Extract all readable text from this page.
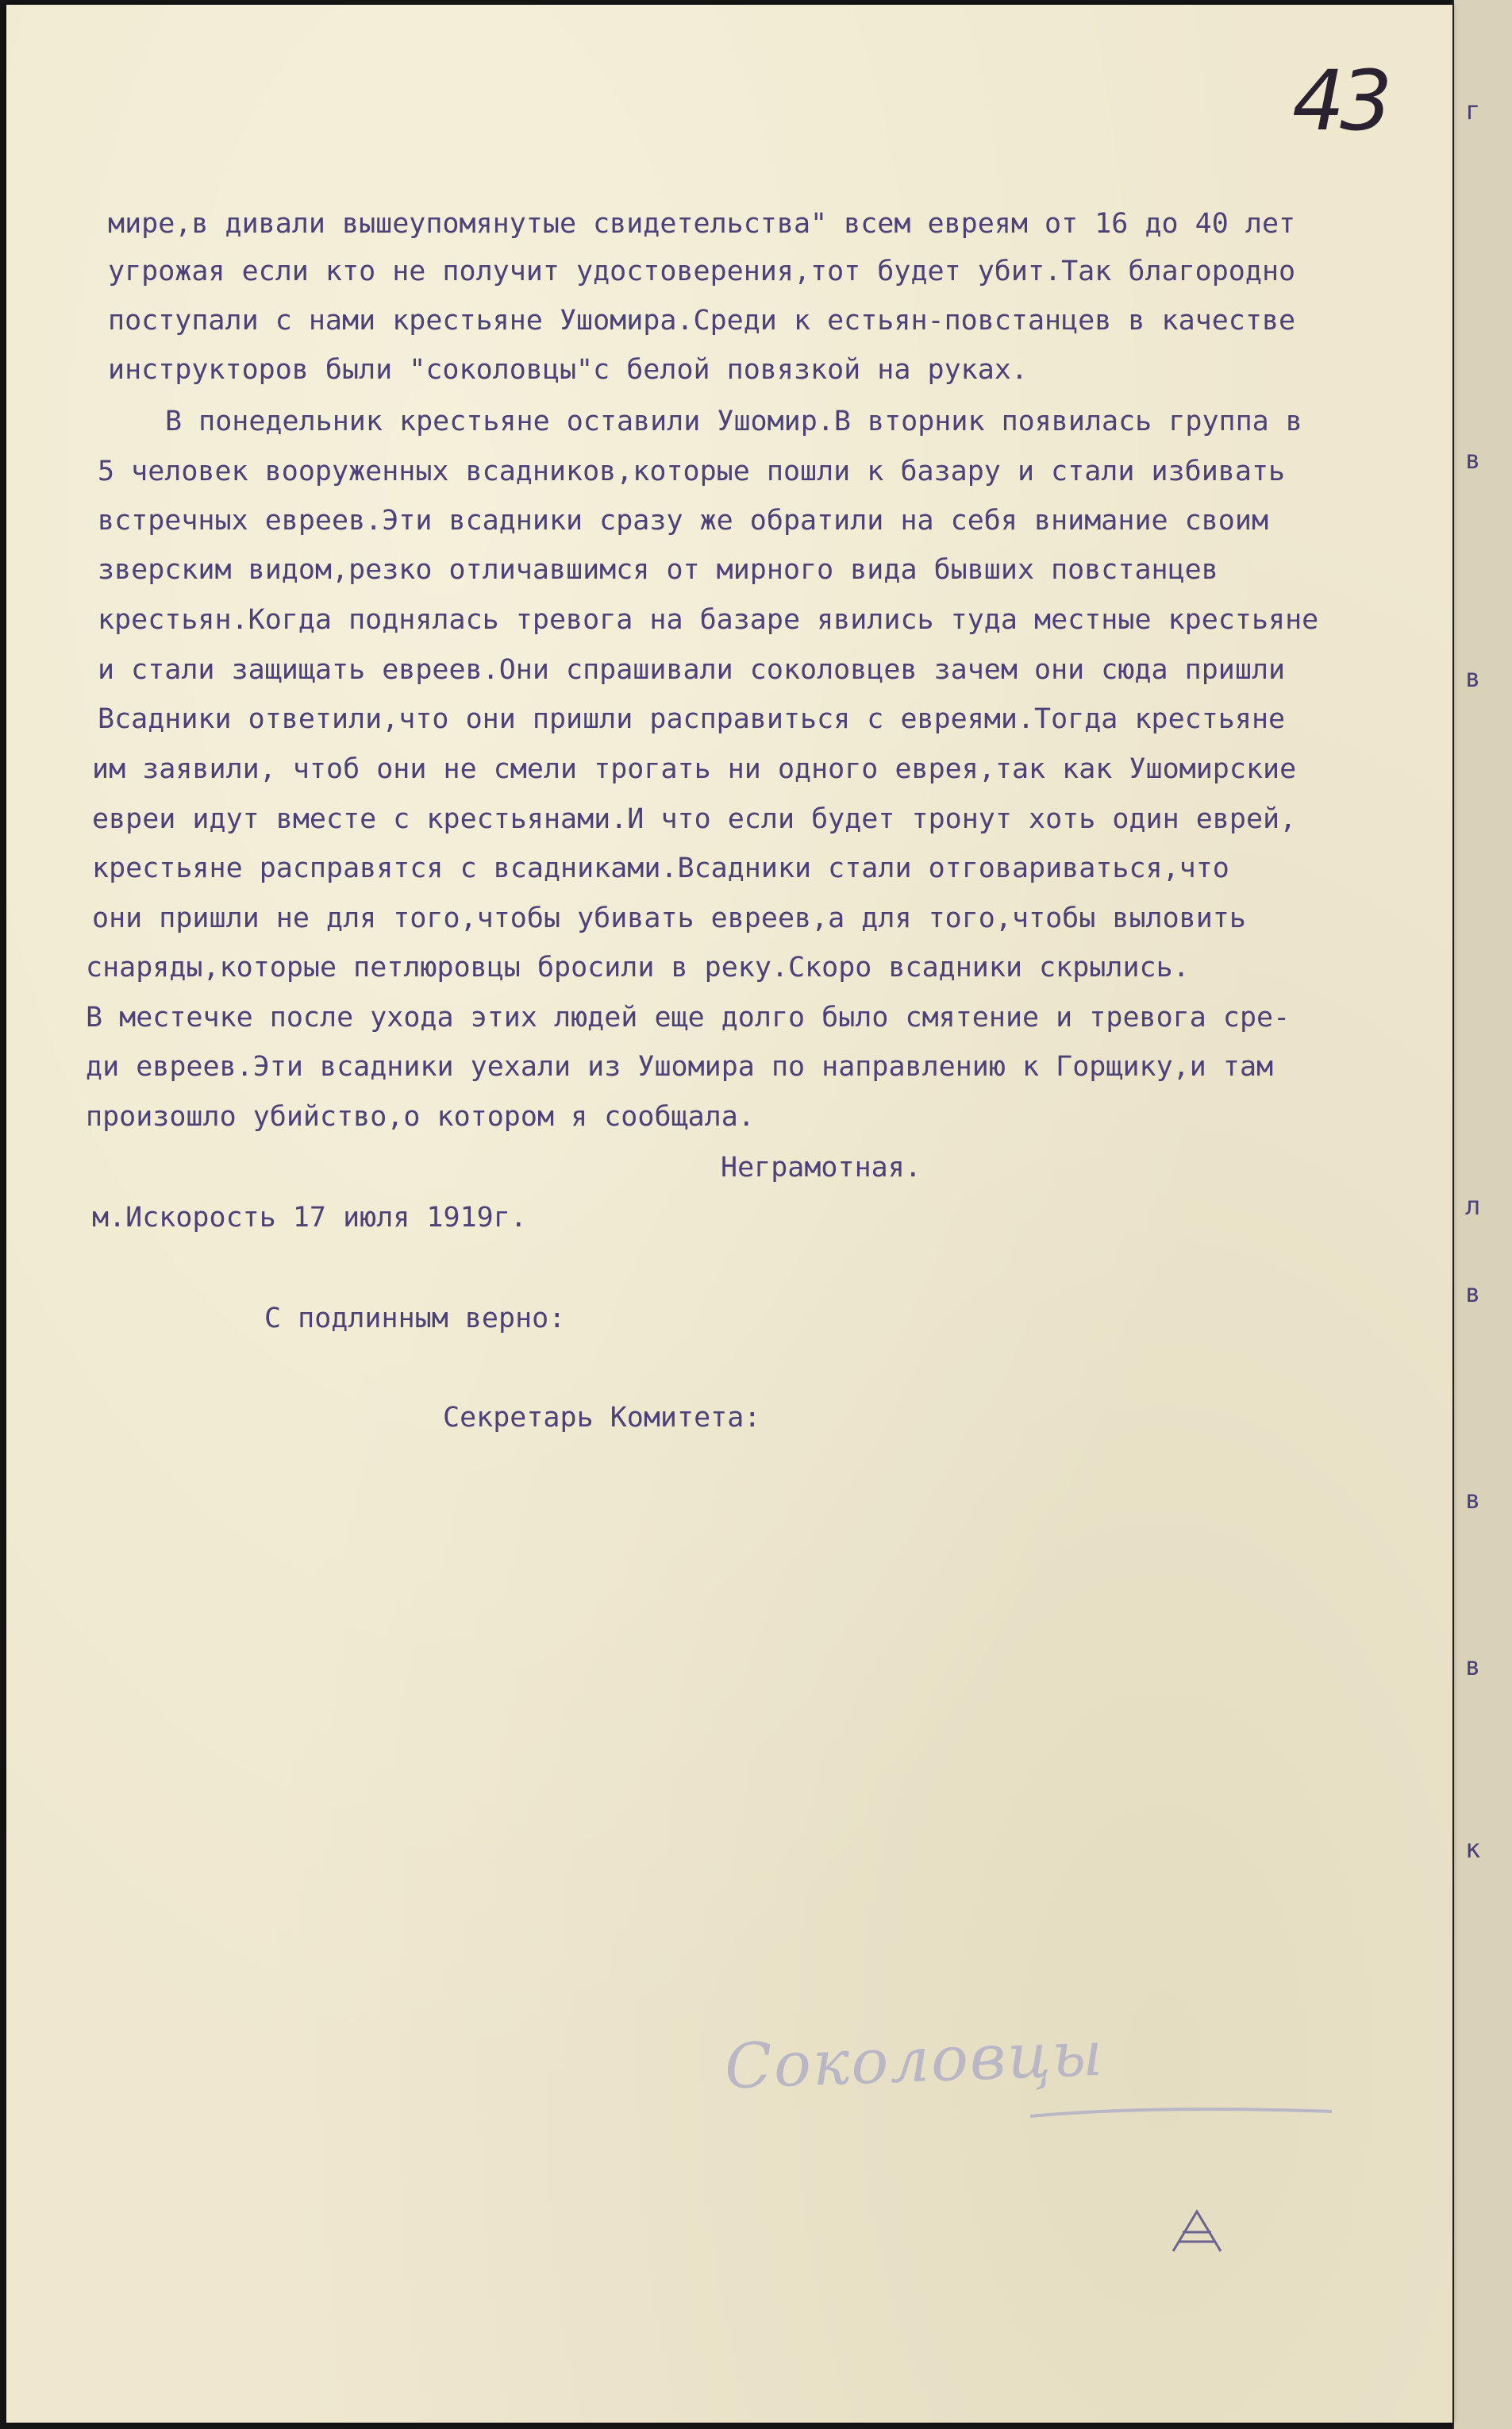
г
в
в
л
в
в
в
к
43

мире,в дивали вышеупомянутые свидетельства" всем евреям от 16 до 40 лет

угрожая если кто не получит удостоверения,тот будет убит.Так благородно

поступали с нами крестьяне Ушомира.Среди к естьян-повстанцев в качестве

инструкторов были "соколовцы"с белой повязкой на руках.

В понедельник крестьяне оставили Ушомир.В вторник появилась группа в

5 человек вооруженных всадников,которые пошли к базару и стали избивать

встречных евреев.Эти всадники сразу же обратили на себя внимание своим

зверским видом,резко отличавшимся от мирного вида бывших повстанцев

крестьян.Когда поднялась тревога на базаре явились туда местные крестьяне

и стали защищать евреев.Они спрашивали соколовцев зачем они сюда пришли

Всадники ответили,что они пришли расправиться с евреями.Тогда крестьяне

им заявили, чтоб они не смели трогать ни одного еврея,так как Ушомирские

евреи идут вместе с крестьянами.И что если будет тронут хоть один еврей,

крестьяне расправятся с всадниками.Всадники стали отговариваться,что

они пришли не для того,чтобы убивать евреев,а для того,чтобы выловить

снаряды,которые петлюровцы бросили в реку.Скоро всадники скрылись.

В местечке после ухода этих людей еще долго было смятение и тревога сре-

ди евреев.Эти всадники уехали из Ушомира по направлению к Горщику,и там

произошло убийство,о котором я сообщала.

Неграмотная.

м.Искорость 17 июля 1919г.

С подлинным верно:

Секретарь Комитета:

Соколовцы
